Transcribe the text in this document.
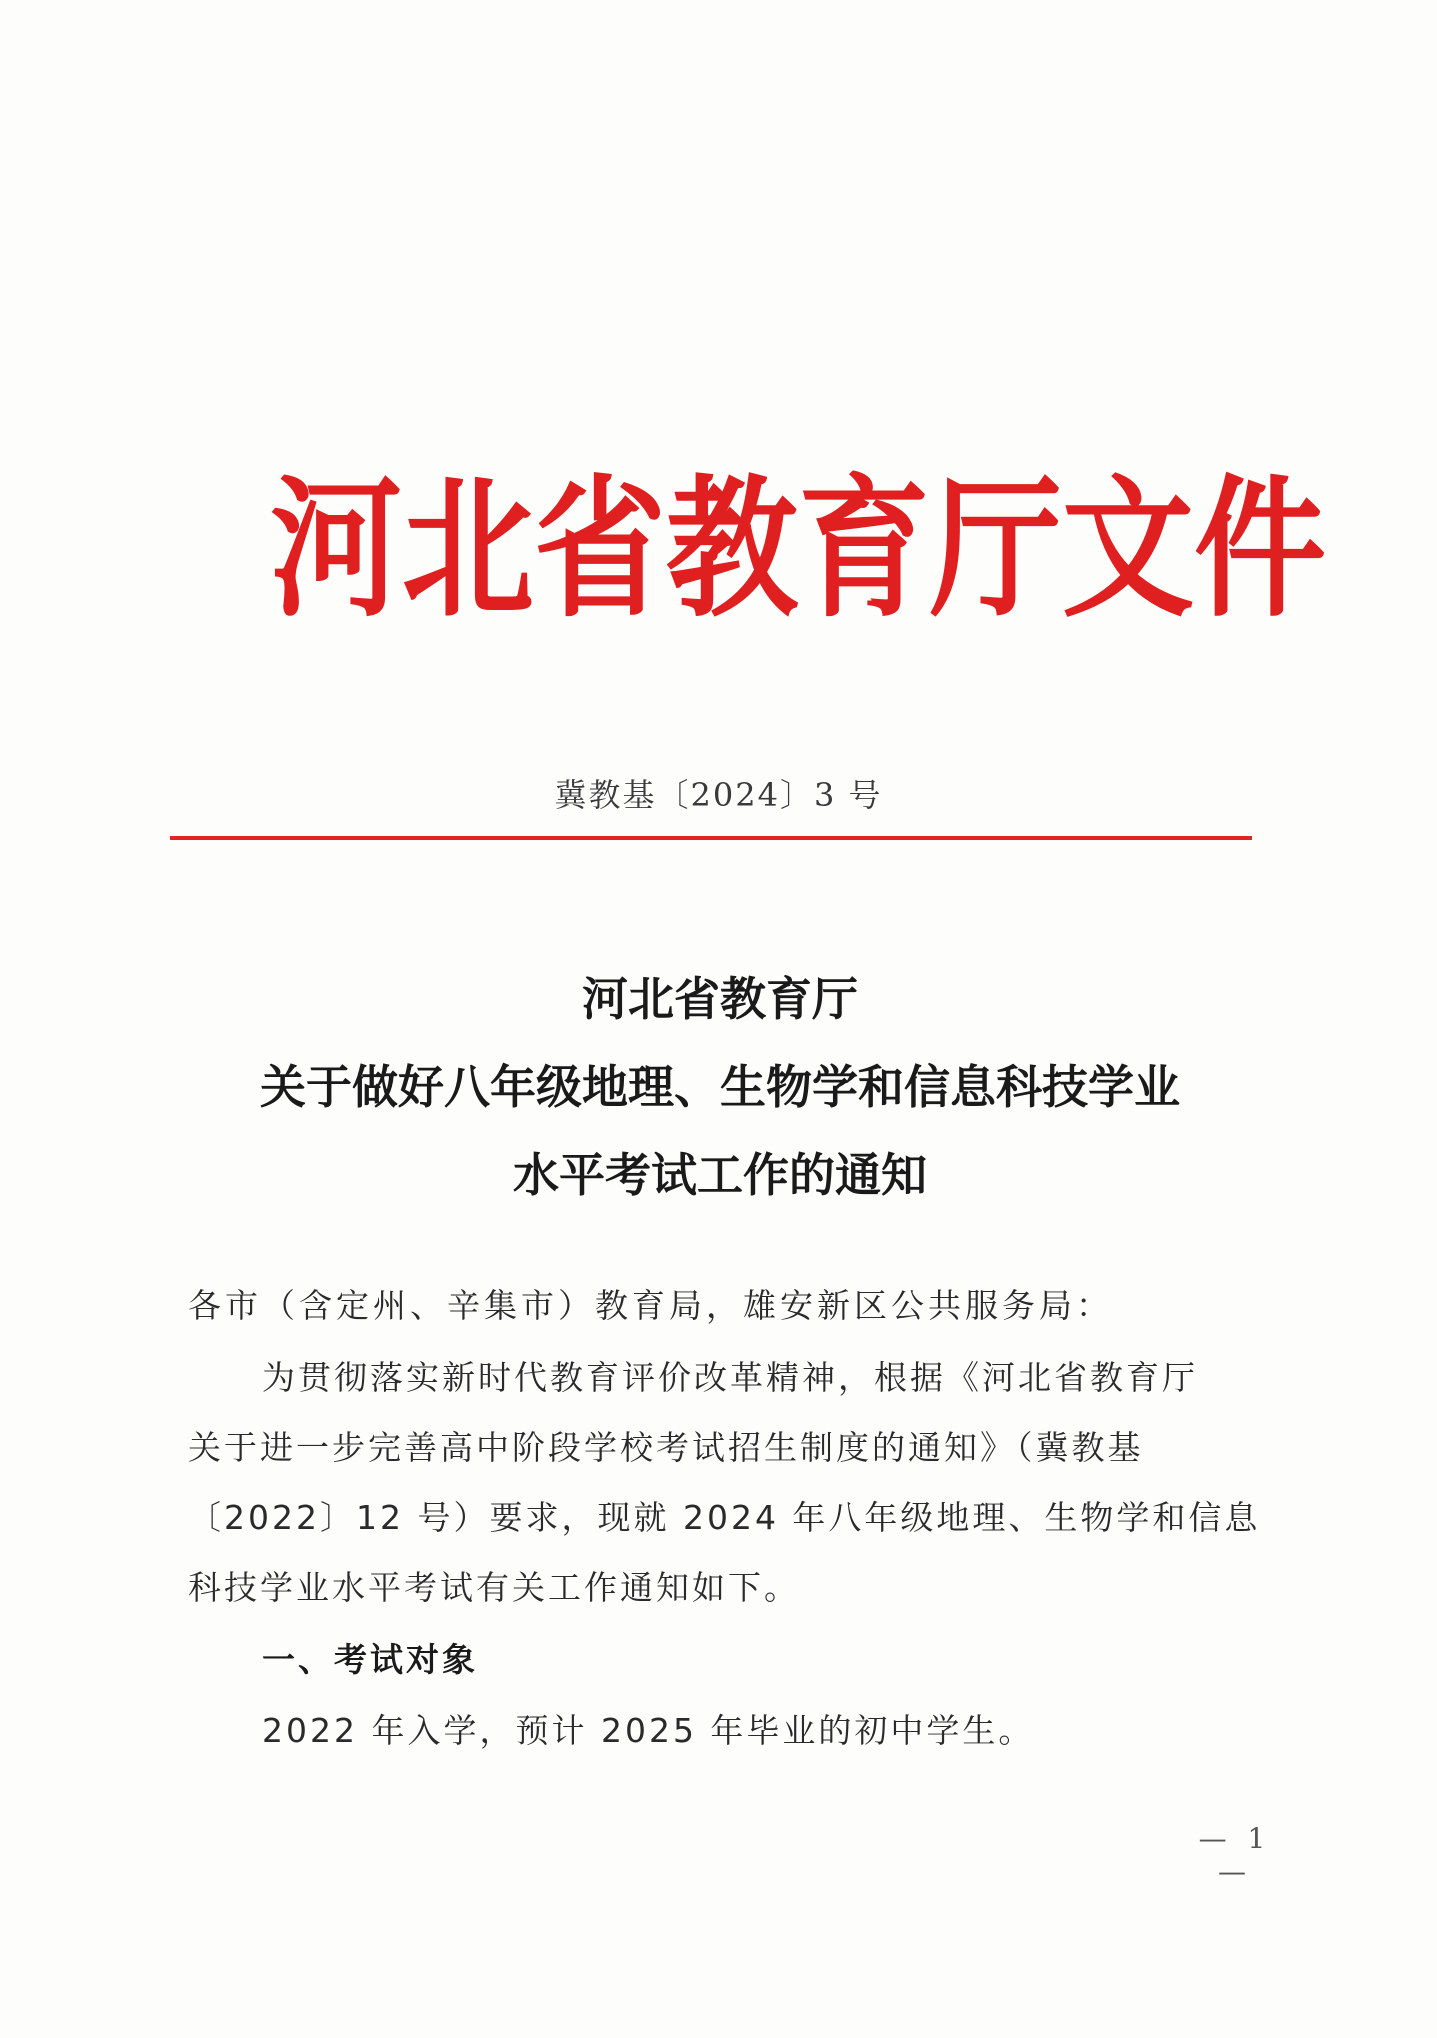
河 北 省 教 育 厅 文 件
冀教基〔2024〕3 号
河北省教育厅
关于做好八年级地理、生物学和信息科技学业
水平考试工作的通知
各市（含定州、辛集市）教育局，雄安新区公共服务局：
为贯彻落实新时代教育评价改革精神，根据《河北省教育厅
关于进一步完善高中阶段学校考试招生制度的通知》（冀教基
〔2022〕12 号）要求，现就 2024 年八年级地理、生物学和信息
科技学业水平考试有关工作通知如下。
一、考试对象
2022 年入学，预计 2025 年毕业的初中学生。
— 1 —
